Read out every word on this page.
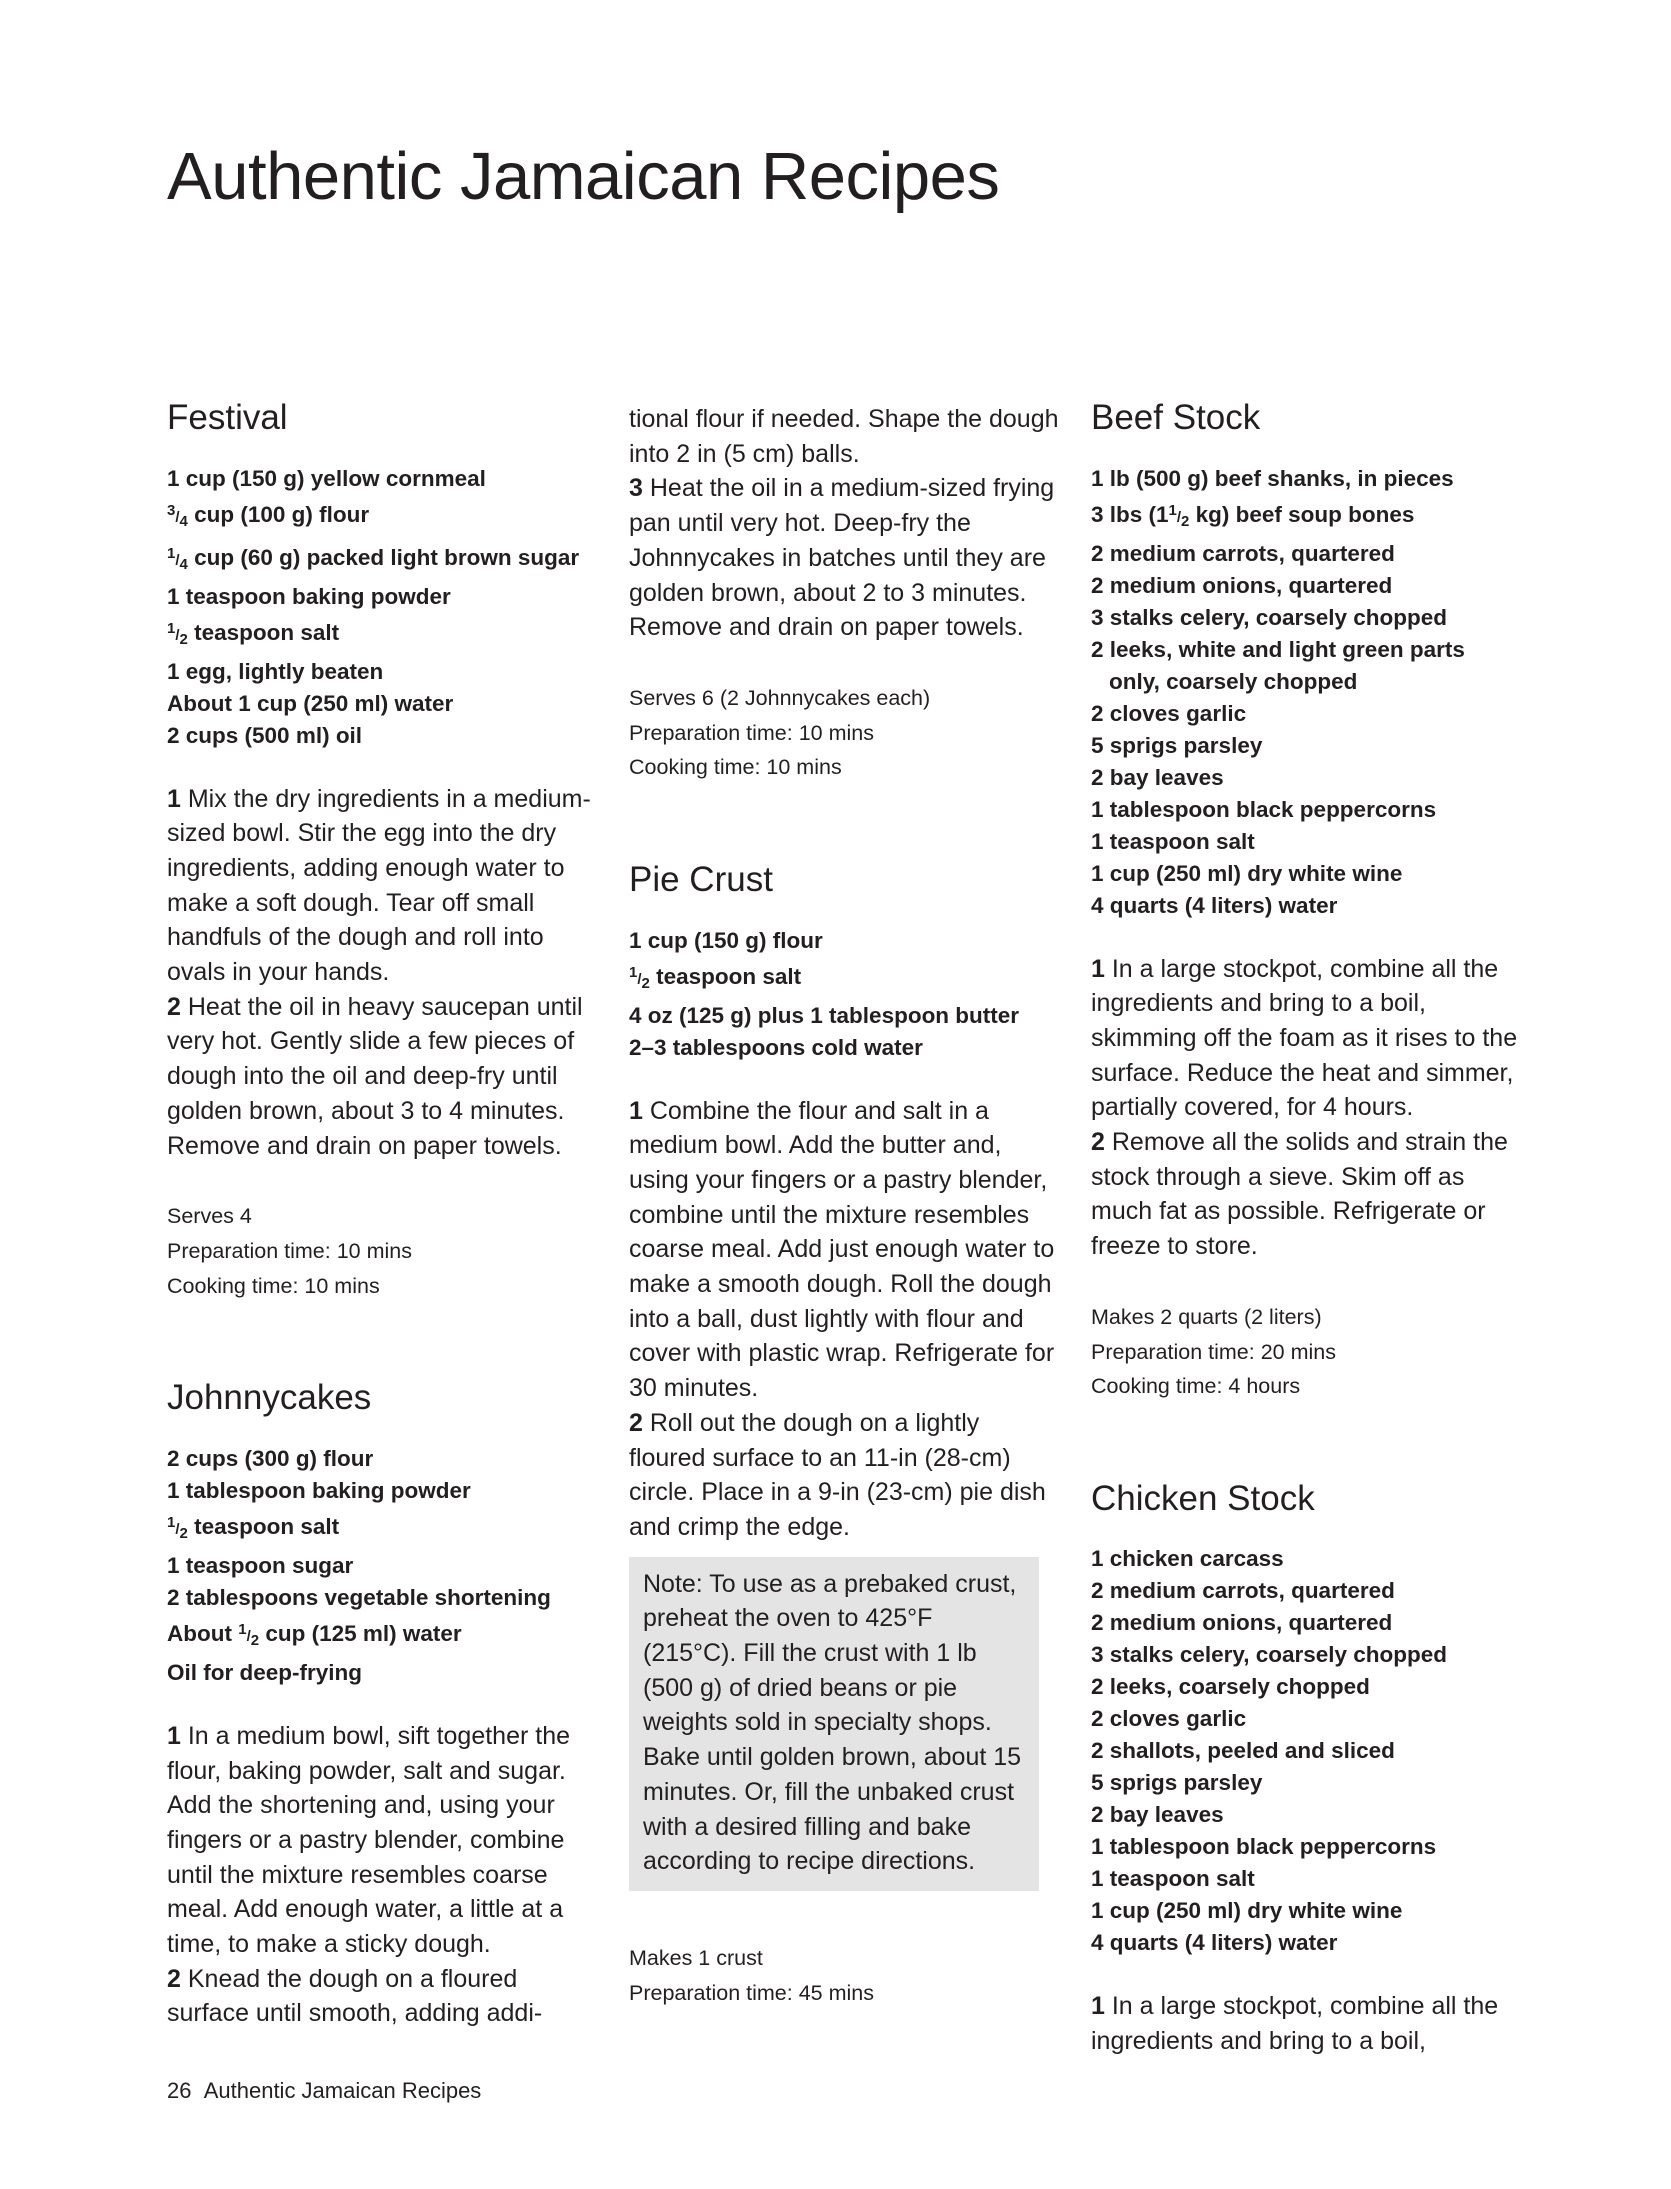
Authentic Jamaican Recipes
Festival
1 cup (150 g) yellow cornmeal
3/4 cup (100 g) flour
1/4 cup (60 g) packed light brown sugar
1 teaspoon baking powder
1/2 teaspoon salt
1 egg, lightly beaten
About 1 cup (250 ml) water
2 cups (500 ml) oil

1 Mix the dry ingredients in a medium-sized bowl. Stir the egg into the dry ingredients, adding enough water to make a soft dough. Tear off small handfuls of the dough and roll into ovals in your hands.

2 Heat the oil in heavy saucepan until very hot. Gently slide a few pieces of dough into the oil and deep-fry until golden brown, about 3 to 4 minutes. Remove and drain on paper towels.

Serves 4

Preparation time: 10 mins

Cooking time: 10 mins

Johnnycakes
2 cups (300 g) flour
1 tablespoon baking powder
1/2 teaspoon salt
1 teaspoon sugar
2 tablespoons vegetable shortening
About 1/2 cup (125 ml) water
Oil for deep-frying

1 In a medium bowl, sift together the flour, baking powder, salt and sugar. Add the shortening and, using your fingers or a pastry blender, combine until the mixture resembles coarse meal. Add enough water, a little at a time, to make a sticky dough.

2 Knead the dough on a floured surface until smooth, adding addi-

tional flour if needed. Shape the dough into 2 in (5 cm) balls.

3 Heat the oil in a medium-sized frying pan until very hot. Deep-fry the Johnnycakes in batches until they are golden brown, about 2 to 3 minutes. Remove and drain on paper towels.

Serves 6 (2 Johnnycakes each)

Preparation time: 10 mins

Cooking time: 10 mins

Pie Crust
1 cup (150 g) flour
1/2 teaspoon salt
4 oz (125 g) plus 1 tablespoon butter
2–3 tablespoons cold water

1 Combine the flour and salt in a medium bowl. Add the butter and, using your fingers or a pastry blender, combine until the mixture resembles coarse meal. Add just enough water to make a smooth dough. Roll the dough into a ball, dust lightly with flour and cover with plastic wrap. Refrigerate for 30 minutes.

2 Roll out the dough on a lightly floured surface to an 11-in (28-cm) circle. Place in a 9-in (23-cm) pie dish and crimp the edge.

Note: To use as a prebaked crust, preheat the oven to 425°F (215°C). Fill the crust with 1 lb (500 g) of dried beans or pie weights sold in specialty shops. Bake until golden brown, about 15 minutes. Or, fill the unbaked crust with a desired filling and bake according to recipe directions.

Makes 1 crust

Preparation time: 45 mins

Beef Stock
1 lb (500 g) beef shanks, in pieces
3 lbs (11/2 kg) beef soup bones
2 medium carrots, quartered
2 medium onions, quartered
3 stalks celery, coarsely chopped
2 leeks, white and light green parts only, coarsely chopped
2 cloves garlic
5 sprigs parsley
2 bay leaves
1 tablespoon black peppercorns
1 teaspoon salt
1 cup (250 ml) dry white wine
4 quarts (4 liters) water

1 In a large stockpot, combine all the ingredients and bring to a boil, skimming off the foam as it rises to the surface. Reduce the heat and simmer, partially covered, for 4 hours.

2 Remove all the solids and strain the stock through a sieve. Skim off as much fat as possible. Refrigerate or freeze to store.

Makes 2 quarts (2 liters)

Preparation time: 20 mins

Cooking time: 4 hours

Chicken Stock
1 chicken carcass
2 medium carrots, quartered
2 medium onions, quartered
3 stalks celery, coarsely chopped
2 leeks, coarsely chopped
2 cloves garlic
2 shallots, peeled and sliced
5 sprigs parsley
2 bay leaves
1 tablespoon black peppercorns
1 teaspoon salt
1 cup (250 ml) dry white wine
4 quarts (4 liters) water

1 In a large stockpot, combine all the ingredients and bring to a boil,

26 Authentic Jamaican Recipes
